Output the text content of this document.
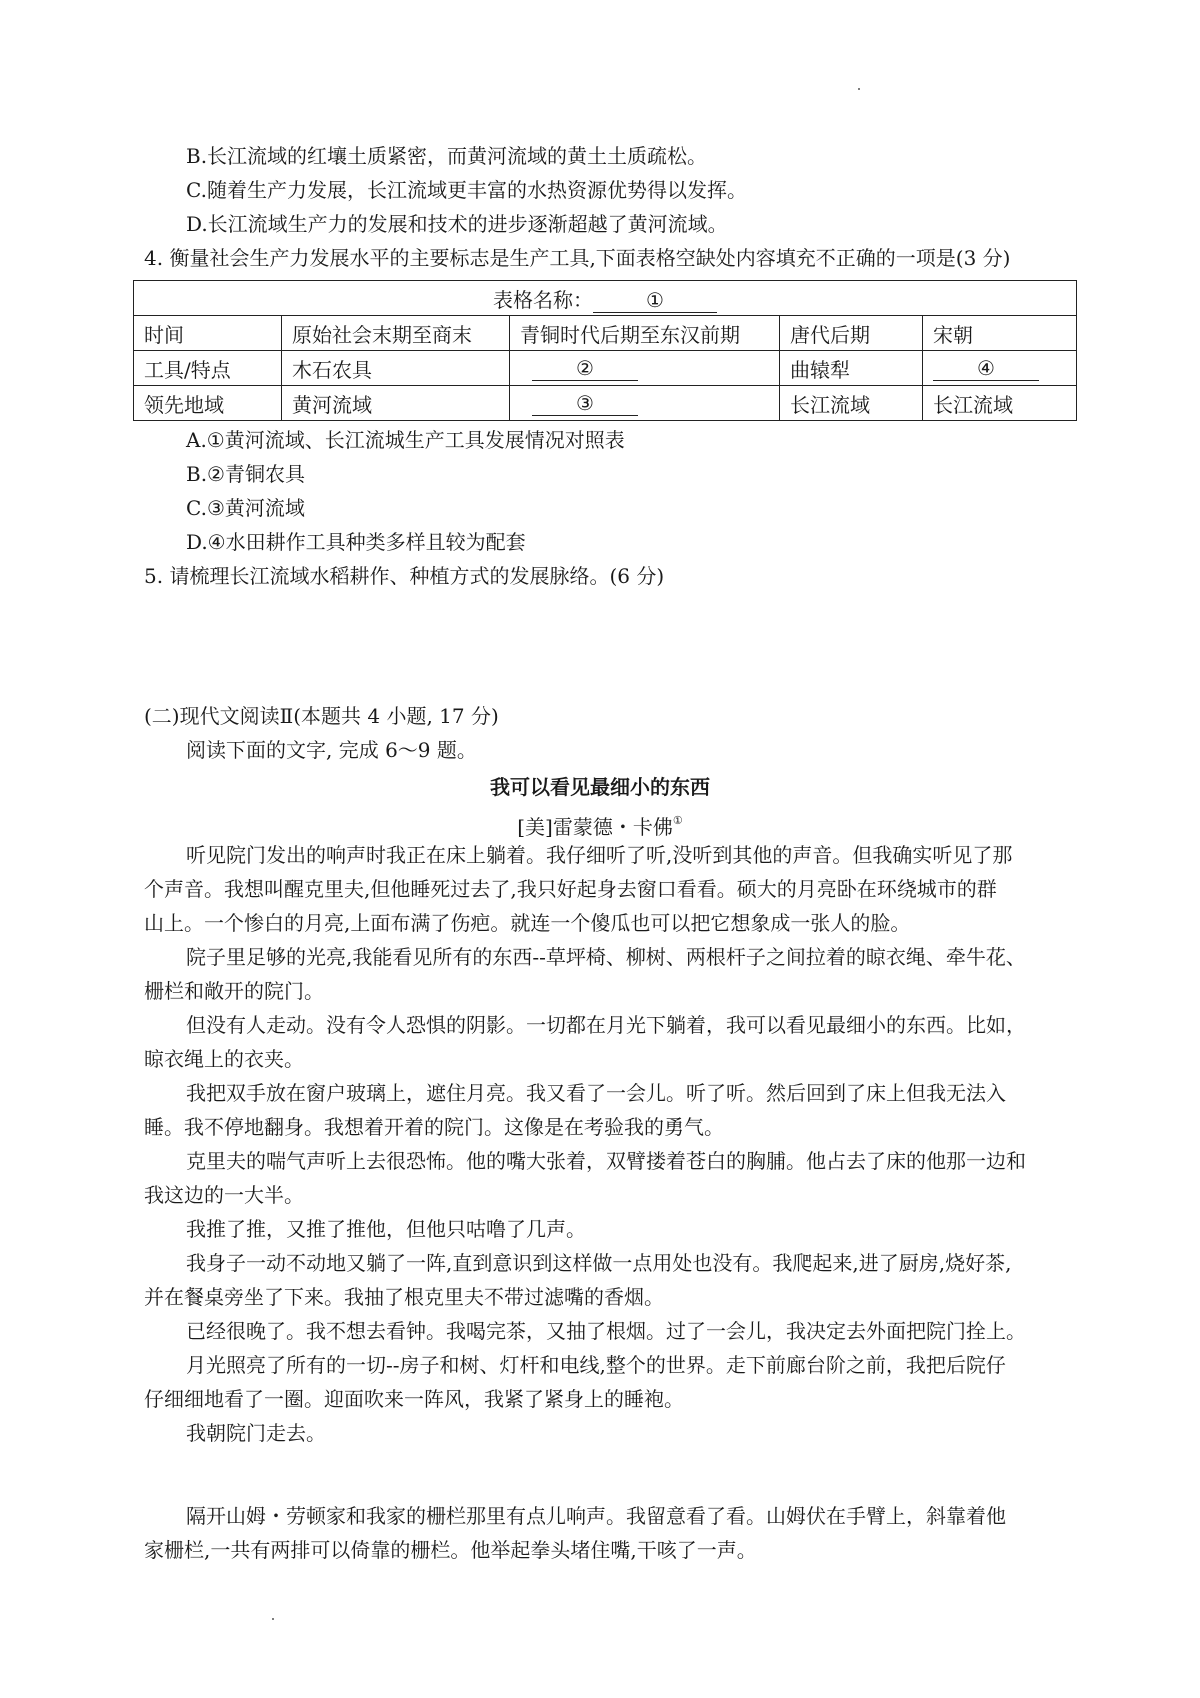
B.长江流域的红壤土质紧密，而黄河流域的黄土土质疏松。
C.随着生产力发展，长江流域更丰富的水热资源优势得以发挥。
D.长江流域生产力的发展和技术的进步逐渐超越了黄河流域。
4. 衡量社会生产力发展水平的主要标志是生产工具,下面表格空缺处内容填充不正确的一项是(3 分)
表格名称： ①				
时间	原始社会末期至商末	青铜时代后期至东汉前期	唐代后期	宋朝
工具/特点	木石农具	②	曲辕犁	④
领先地域	黄河流域	③	长江流域	长江流域
A.①黄河流域、长江流城生产工具发展情况对照表
B.②青铜农具
C.③黄河流域
D.④水田耕作工具种类多样且较为配套
5. 请梳理长江流域水稻耕作、种植方式的发展脉络。(6 分)
(二)现代文阅读Ⅱ(本题共 4 小题, 17 分)
阅读下面的文字, 完成 6～9 题。
我可以看见最细小的东西
[美]雷蒙德・卡佛①
听见院门发出的响声时我正在床上躺着。我仔细听了听,没听到其他的声音。但我确实听见了那
个声音。我想叫醒克里夫,但他睡死过去了,我只好起身去窗口看看。硕大的月亮卧在环绕城市的群
山上。一个惨白的月亮,上面布满了伤疤。就连一个傻瓜也可以把它想象成一张人的脸。
院子里足够的光亮,我能看见所有的东西--草坪椅、柳树、两根杆子之间拉着的晾衣绳、牵牛花、
栅栏和敞开的院门。
但没有人走动。没有令人恐惧的阴影。一切都在月光下躺着，我可以看见最细小的东西。比如，
晾衣绳上的衣夹。
我把双手放在窗户玻璃上，遮住月亮。我又看了一会儿。听了听。然后回到了床上但我无法入
睡。我不停地翻身。我想着开着的院门。这像是在考验我的勇气。
克里夫的喘气声听上去很恐怖。他的嘴大张着，双臂搂着苍白的胸脯。他占去了床的他那一边和
我这边的一大半。
我推了推，又推了推他，但他只咕噜了几声。
我身子一动不动地又躺了一阵,直到意识到这样做一点用处也没有。我爬起来,进了厨房,烧好茶,
并在餐桌旁坐了下来。我抽了根克里夫不带过滤嘴的香烟。
已经很晚了。我不想去看钟。我喝完茶，又抽了根烟。过了一会儿，我决定去外面把院门拴上。
月光照亮了所有的一切--房子和树、灯杆和电线,整个的世界。走下前廊台阶之前，我把后院仔
仔细细地看了一圈。迎面吹来一阵风，我紧了紧身上的睡袍。
我朝院门走去。
隔开山姆・劳顿家和我家的栅栏那里有点儿响声。我留意看了看。山姆伏在手臂上，斜靠着他
家栅栏,一共有两排可以倚靠的栅栏。他举起拳头堵住嘴,干咳了一声。
